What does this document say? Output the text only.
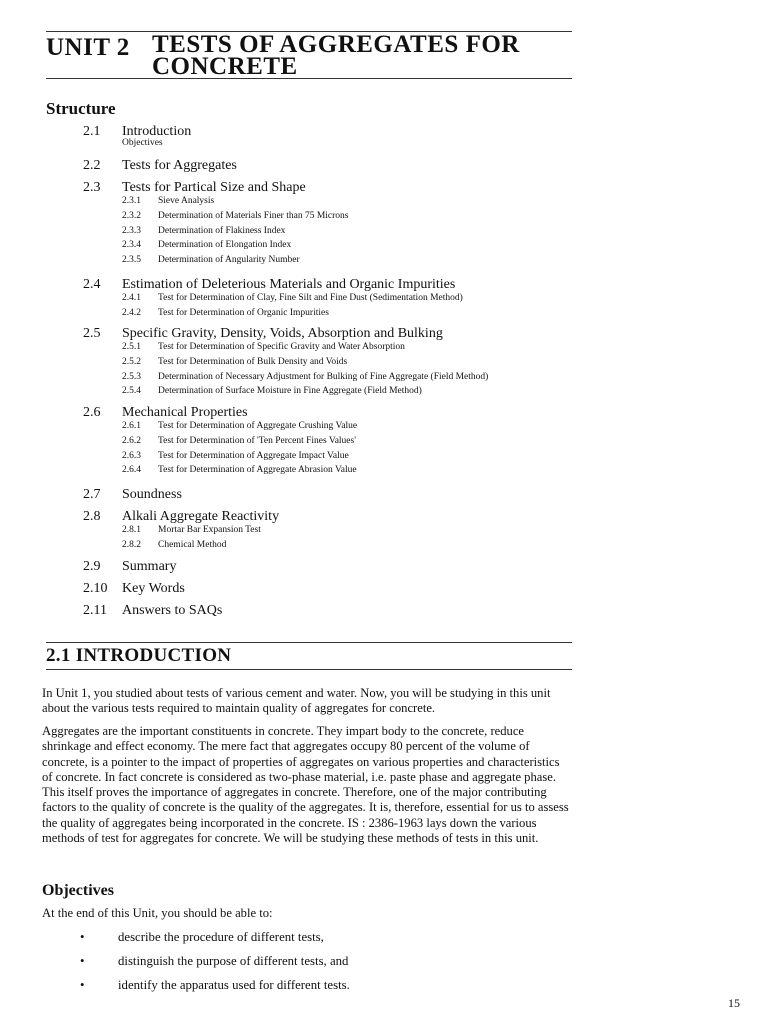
UNIT 2 TESTS OF AGGREGATES FOR
CONCRETE
Structure
2.1 Introduction
Objectives
2.2 Tests for Aggregates
2.3 Tests for Partical Size and Shape
2.3.1 Sieve Analysis
2.3.2 Determination of Materials Finer than 75 Microns
2.3.3 Determination of Flakiness Index
2.3.4 Determination of Elongation Index
2.3.5 Determination of Angularity Number
2.4 Estimation of Deleterious Materials and Organic Impurities
2.4.1 Test for Determination of Clay, Fine Silt and Fine Dust (Sedimentation Method)
2.4.2 Test for Determination of Organic Impurities
2.5 Specific Gravity, Density, Voids, Absorption and Bulking
2.5.1 Test for Determination of Specific Gravity and Water Absorption
2.5.2 Test for Determination of Bulk Density and Voids
2.5.3 Determination of Necessary Adjustment for Bulking of Fine Aggregate (Field Method)
2.5.4 Determination of Surface Moisture in Fine Aggregate (Field Method)
2.6 Mechanical Properties
2.6.1 Test for Determination of Aggregate Crushing Value
2.6.2 Test for Determination of 'Ten Percent Fines Values'
2.6.3 Test for Determination of Aggregate Impact Value
2.6.4 Test for Determination of Aggregate Abrasion Value
2.7 Soundness
2.8 Alkali Aggregate Reactivity
2.8.1 Mortar Bar Expansion Test
2.8.2 Chemical Method
2.9 Summary
2.10 Key Words
2.11 Answers to SAQs
2.1 INTRODUCTION

In Unit 1, you studied about tests of various cement and water. Now, you will be studying in this unit about the various tests required to maintain quality of aggregates for concrete.

Aggregates are the important constituents in concrete. They impart body to the concrete, reduce shrinkage and effect economy. The mere fact that aggregates occupy 80 percent of the volume of concrete, is a pointer to the impact of properties of aggregates on various properties and characteristics of concrete. In fact concrete is considered as two-phase material, i.e. paste phase and aggregate phase. This itself proves the importance of aggregates in concrete. Therefore, one of the major contributing factors to the quality of concrete is the quality of the aggregates. It is, therefore, essential for us to assess the quality of aggregates being incorporated in the concrete. IS : 2386-1963 lays down the various methods of test for aggregates for concrete. We will be studying these methods of tests in this unit.

Objectives

At the end of this Unit, you should be able to:

•	describe the procedure of different tests,
•	distinguish the purpose of different tests, and
•	identify the apparatus used for different tests.
15
